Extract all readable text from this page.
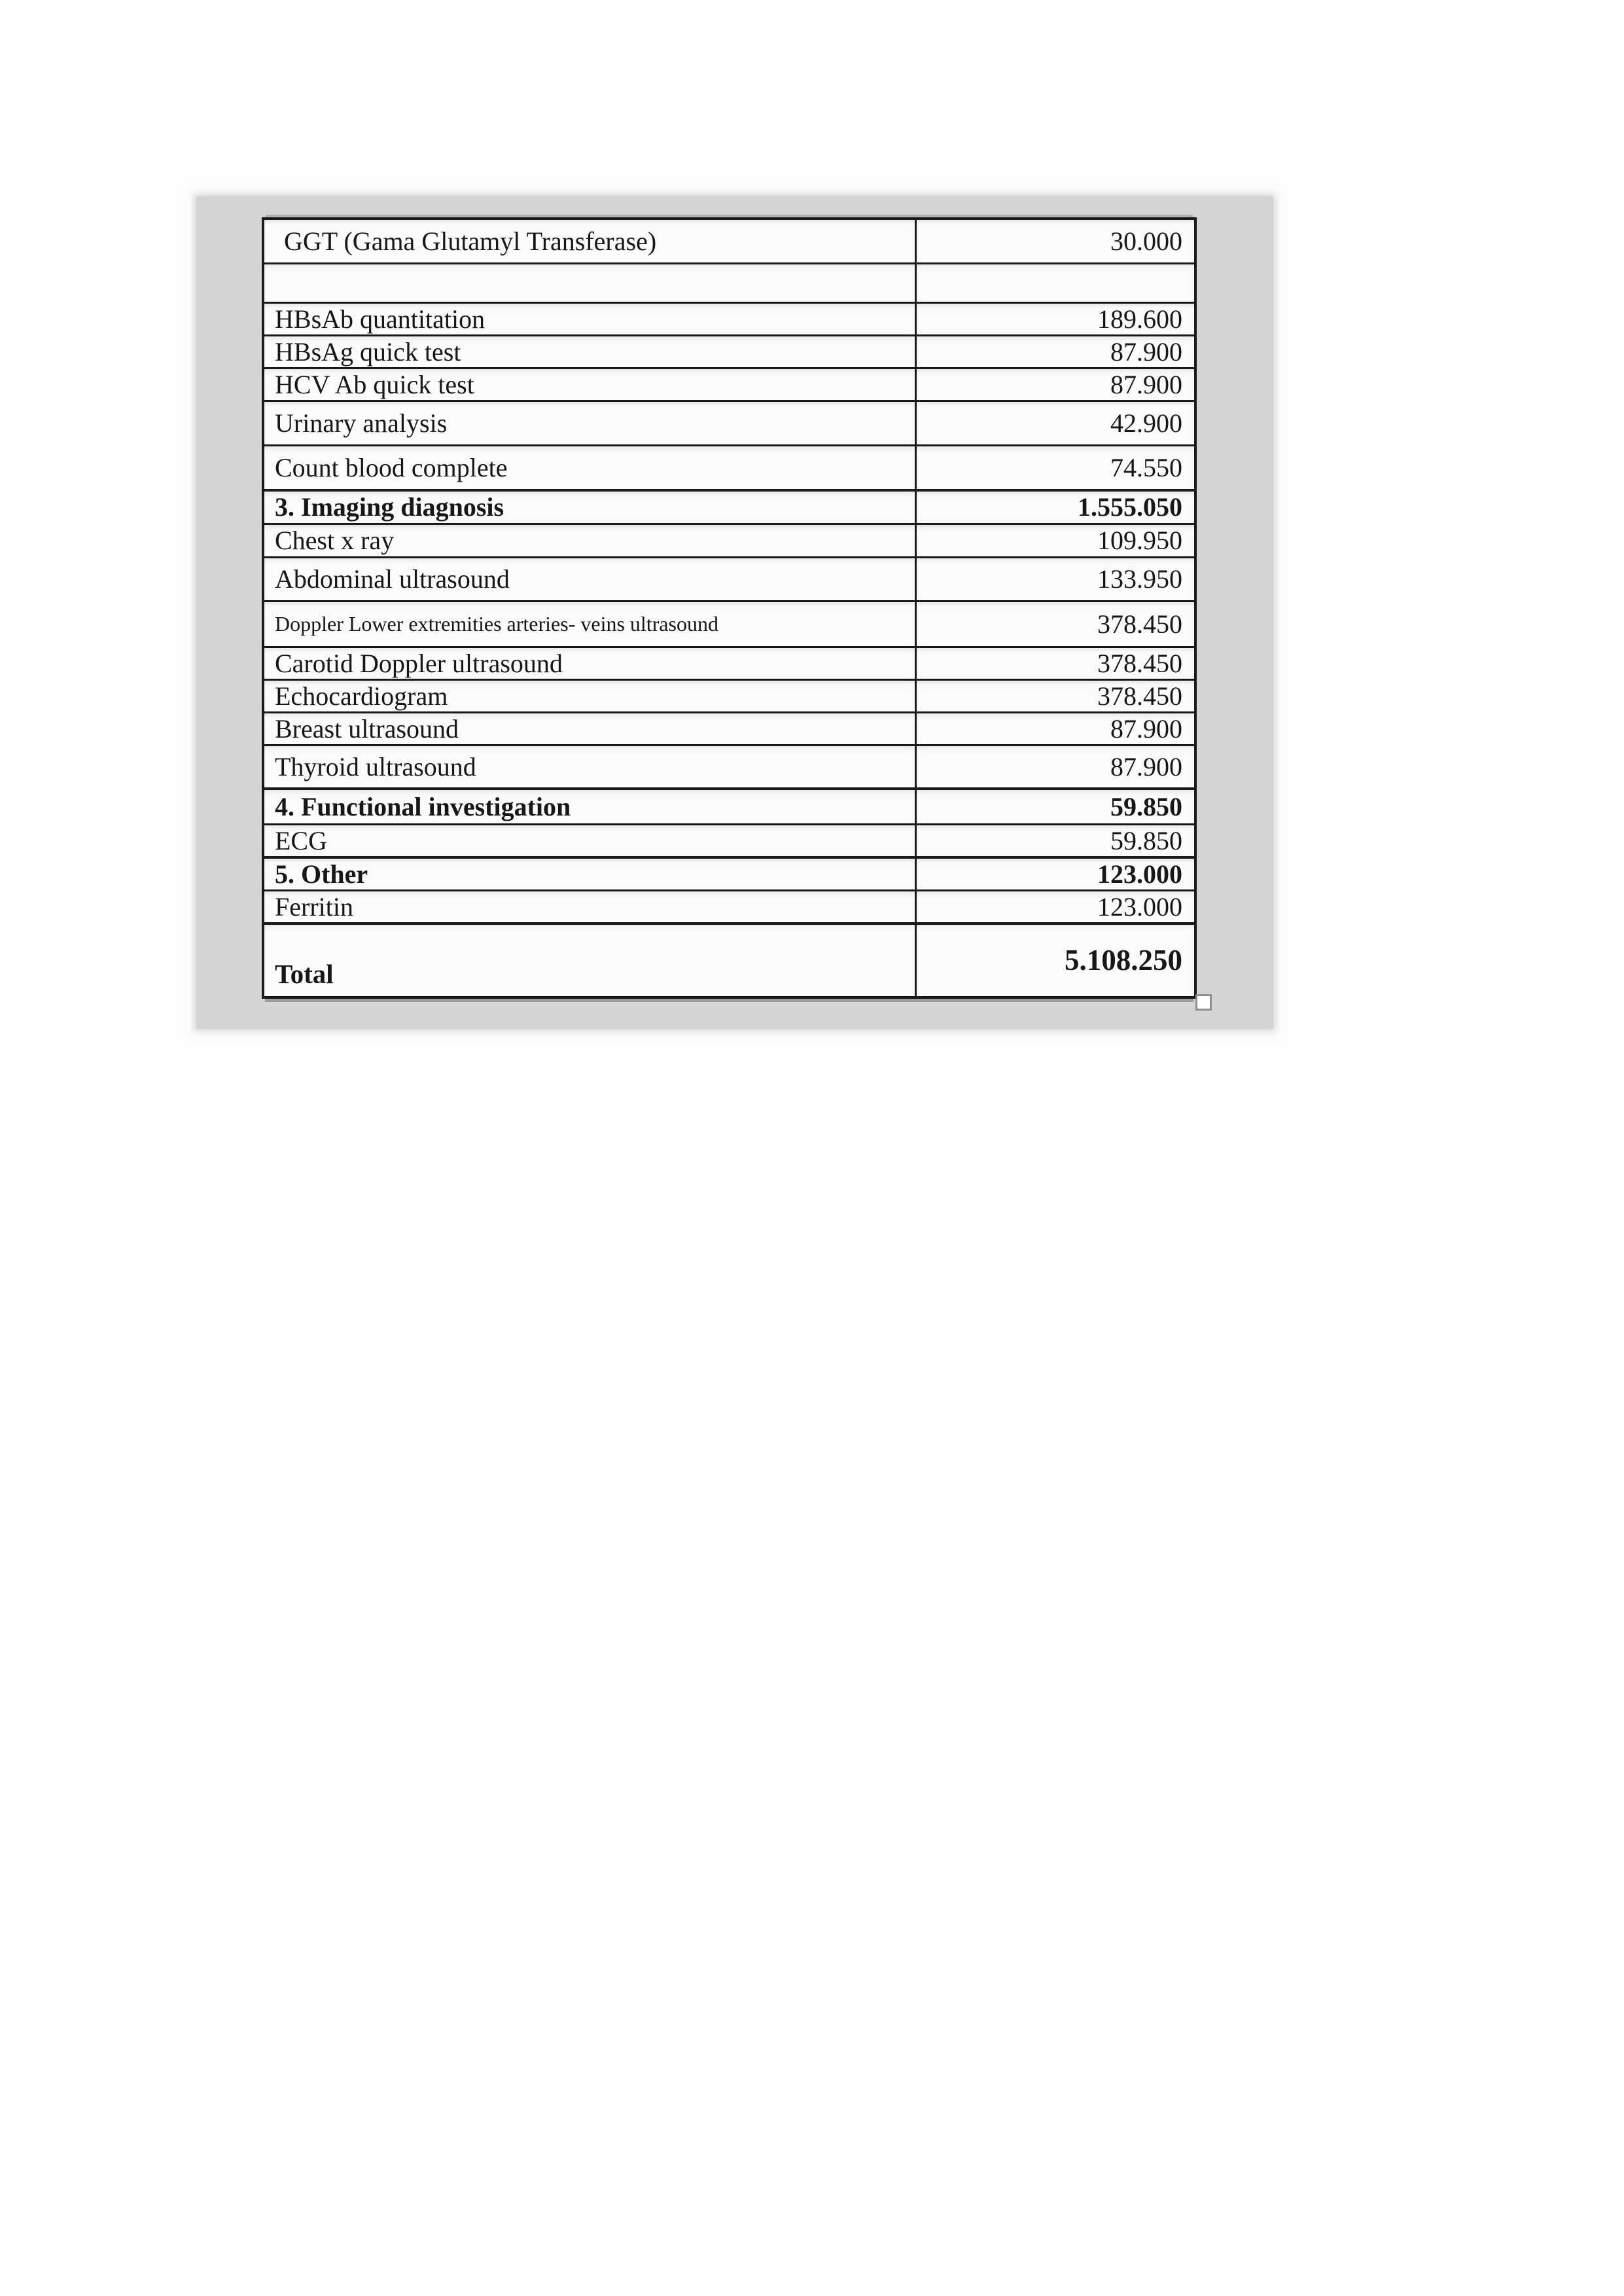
GGT (Gama Glutamyl Transferase)	30.000

HBsAb quantitation	189.600
HBsAg quick test	87.900
HCV Ab quick test	87.900
Urinary analysis	42.900
Count blood complete	74.550
3. Imaging diagnosis	1.555.050
Chest x ray	109.950
Abdominal ultrasound	133.950
Doppler Lower extremities arteries- veins ultrasound	378.450
Carotid Doppler ultrasound	378.450
Echocardiogram	378.450
Breast ultrasound	87.900
Thyroid ultrasound	87.900
4. Functional investigation	59.850
ECG	59.850
5. Other	123.000
Ferritin	123.000
Total	5.108.250
